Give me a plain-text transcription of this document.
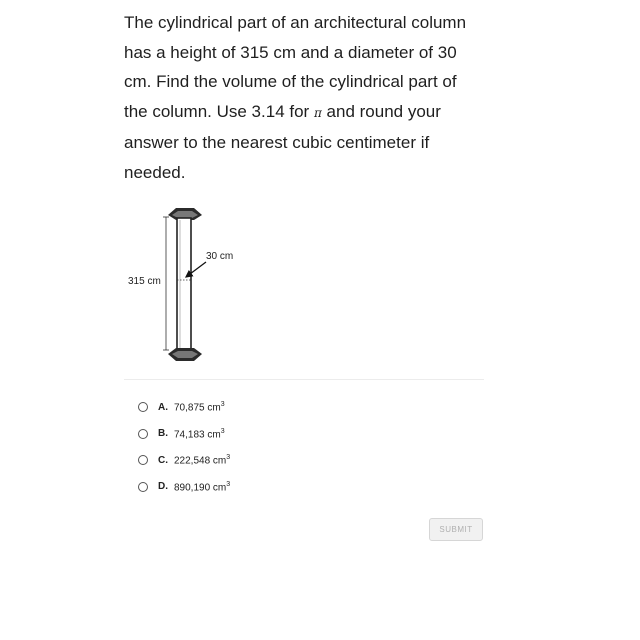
The cylindrical part of an architectural column has a height of 315 cm and a diameter of 30 cm. Find the volume of the cylindrical part of the column. Use 3.14 for π and round your answer to the nearest cubic centimeter if needed.

30 cm
315 cm
A. 70,875 $cm^3$
B. 74,183 $cm^3$
C. 222,548 $cm^3$
D. 890,190 $cm^3$
SUBMIT
